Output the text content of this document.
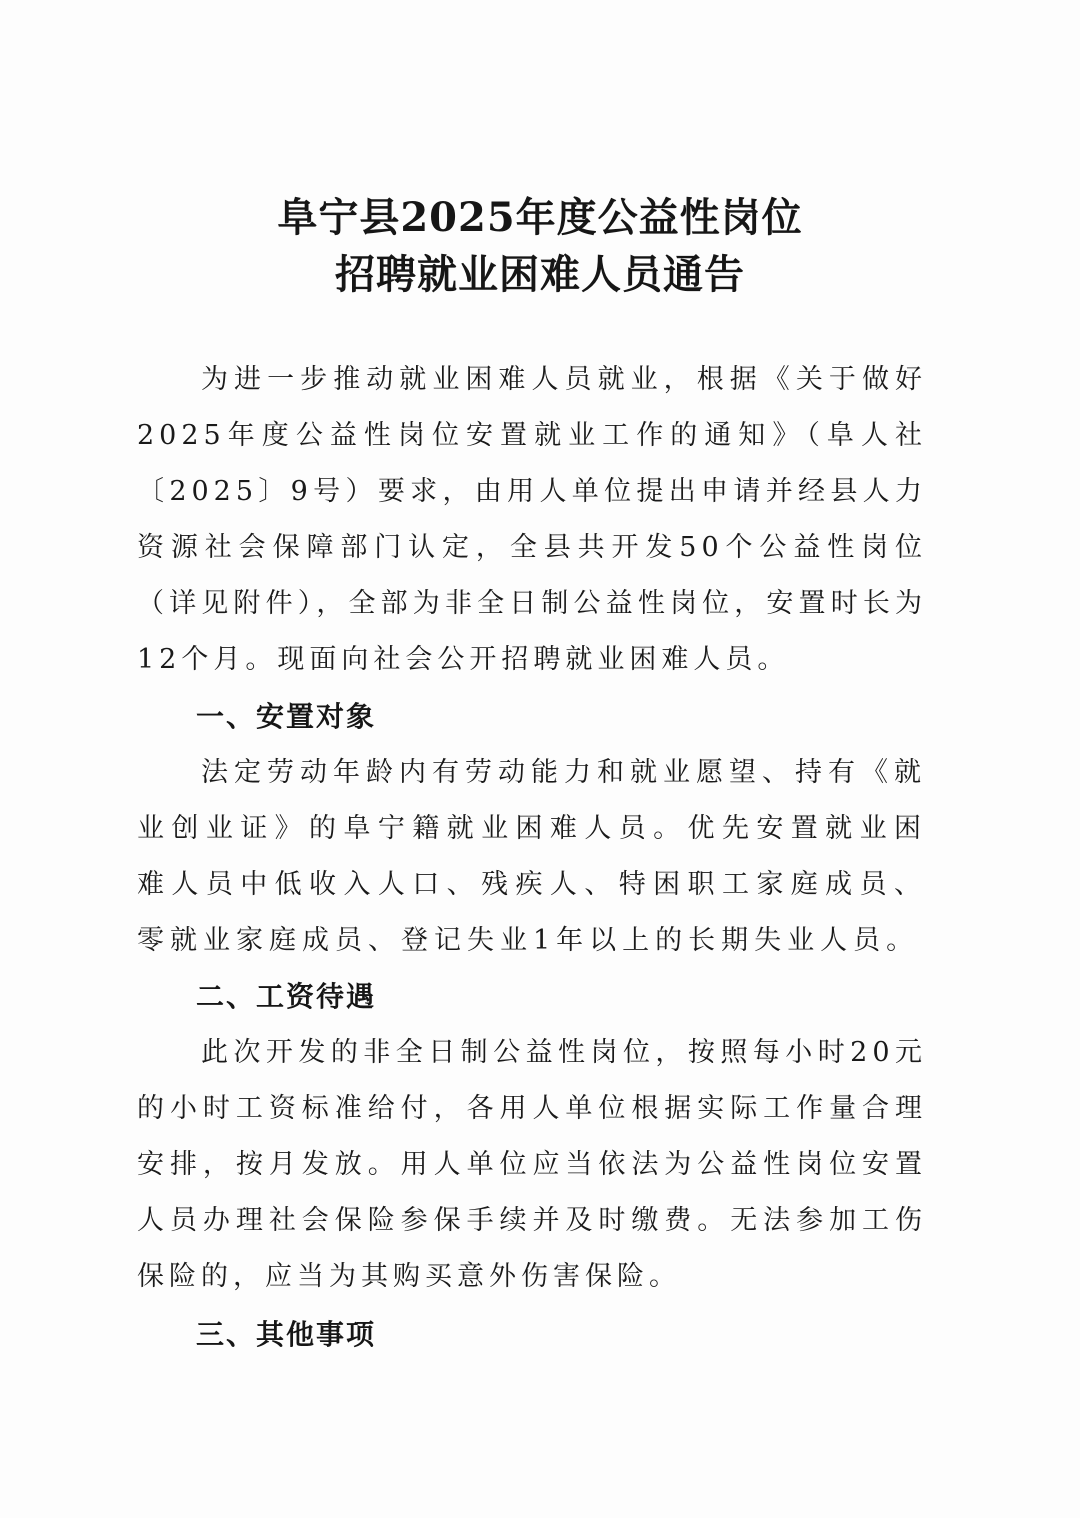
阜宁县2025年度公益性岗位
招聘就业困难人员通告

为进一步推动就业困难人员就业，根据《关于做好2025年度公益性岗位安置就业工作的通知》（阜人社〔2025〕9号）要求，由用人单位提出申请并经县人力资源社会保障部门认定，全县共开发50个公益性岗位（详见附件），全部为非全日制公益性岗位，安置时长为12个月。现面向社会公开招聘就业困难人员。

一、安置对象

法定劳动年龄内有劳动能力和就业愿望、持有《就业创业证》的阜宁籍就业困难人员。优先安置就业困难人员中低收入人口、残疾人、特困职工家庭成员、零就业家庭成员、登记失业1年以上的长期失业人员。

二、工资待遇

此次开发的非全日制公益性岗位，按照每小时20元的小时工资标准给付，各用人单位根据实际工作量合理安排，按月发放。用人单位应当依法为公益性岗位安置人员办理社会保险参保手续并及时缴费。无法参加工伤保险的，应当为其购买意外伤害保险。

三、其他事项
